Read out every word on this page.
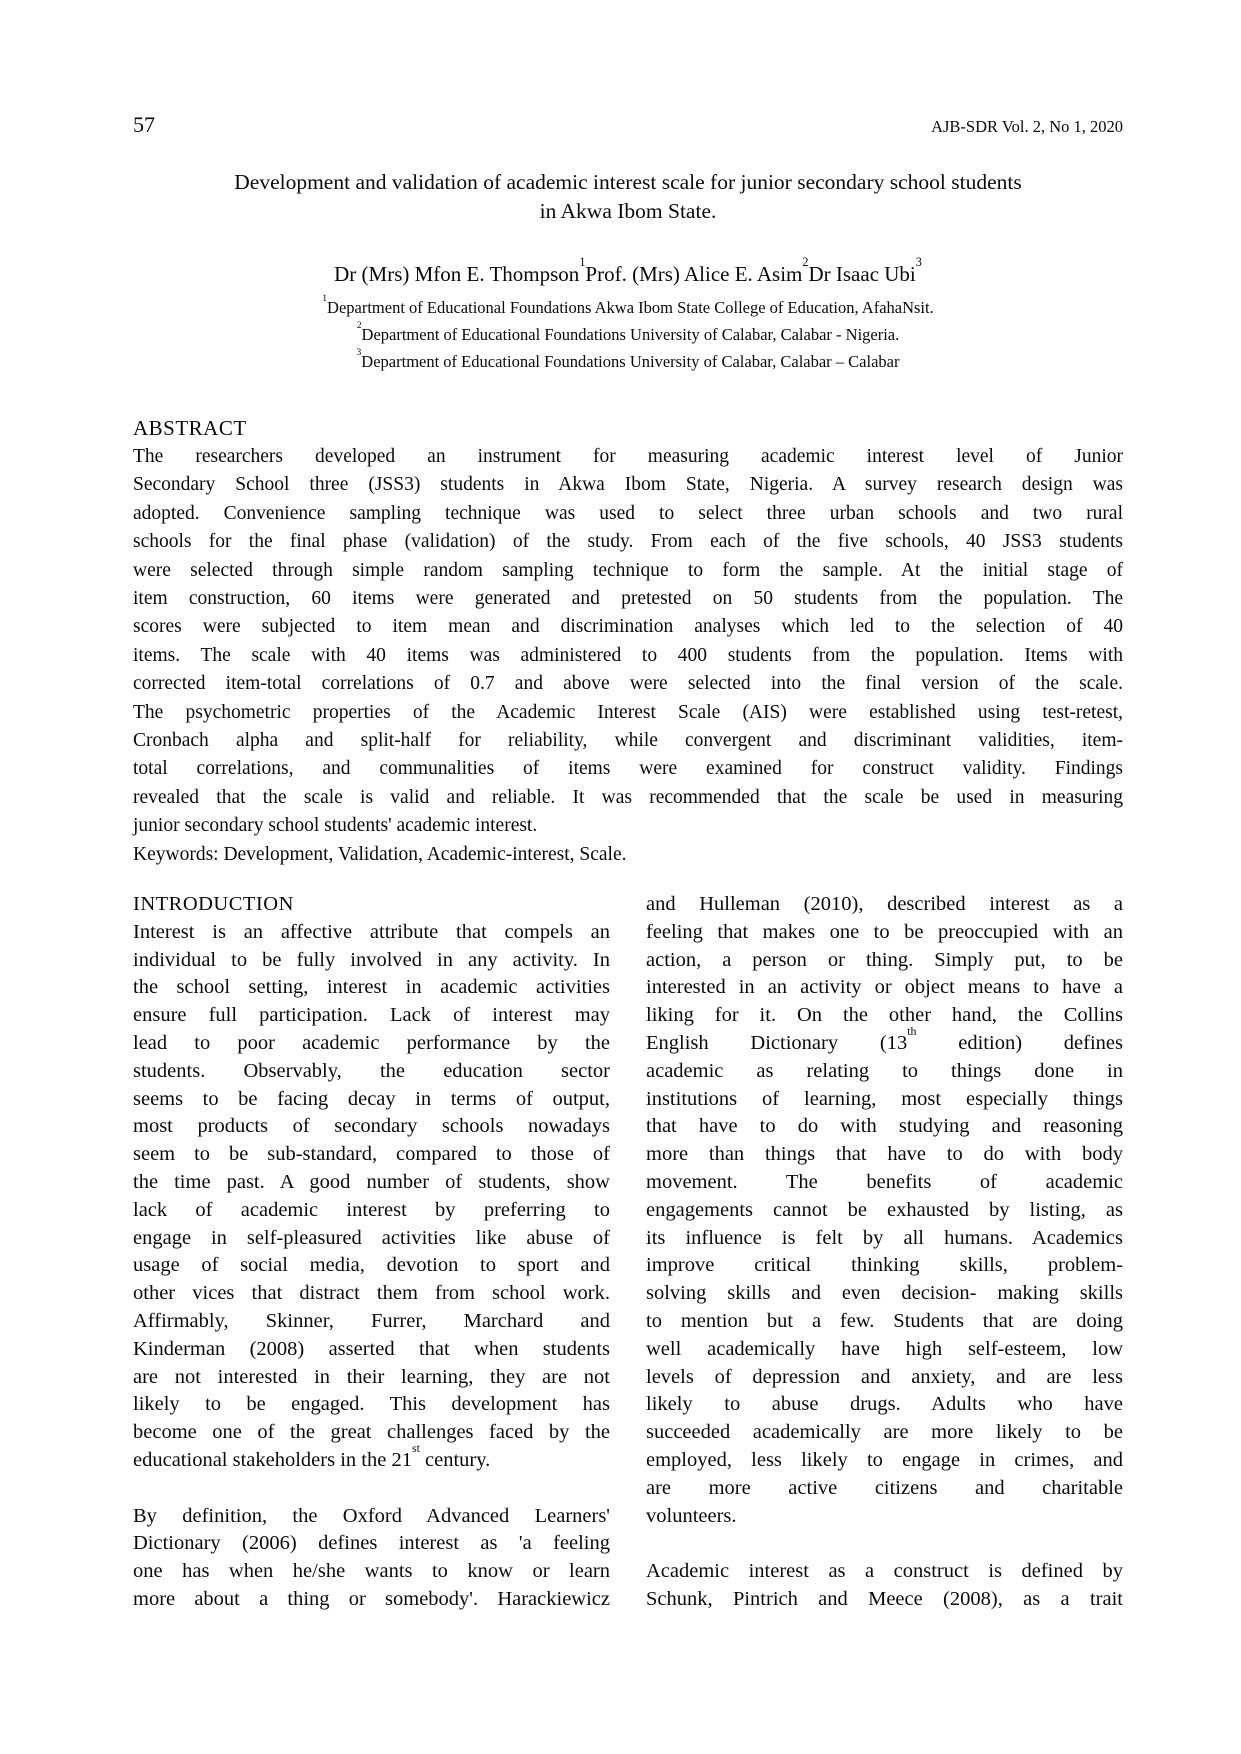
57	AJB-SDR Vol. 2, No 1, 2020
Development and validation of academic interest scale for junior secondary school students
in Akwa Ibom State.
Dr (Mrs) Mfon E. Thompson$^1$Prof. (Mrs) Alice E. Asim$^2$Dr Isaac Ubi$^3$
$^1$Department of Educational Foundations Akwa Ibom State College of Education, AfahaNsit.
$^2$Department of Educational Foundations University of Calabar, Calabar - Nigeria.
$^3$Department of Educational Foundations University of Calabar, Calabar – Calabar
ABSTRACT
The researchers developed an instrument for measuring academic interest level of Junior
Secondary School three (JSS3) students in Akwa Ibom State, Nigeria. A survey research design was
adopted. Convenience sampling technique was used to select three urban schools and two rural
schools for the final phase (validation) of the study. From each of the five schools, 40 JSS3 students
were selected through simple random sampling technique to form the sample. At the initial stage of
item construction, 60 items were generated and pretested on 50 students from the population. The
scores were subjected to item mean and discrimination analyses which led to the selection of 40
items. The scale with 40 items was administered to 400 students from the population. Items with
corrected item-total correlations of 0.7 and above were selected into the final version of the scale.
The psychometric properties of the Academic Interest Scale (AIS) were established using test-retest,
Cronbach alpha and split-half for reliability, while convergent and discriminant validities, item-
total correlations, and communalities of items were examined for construct validity. Findings
revealed that the scale is valid and reliable. It was recommended that the scale be used in measuring
junior secondary school students' academic interest.
Keywords: Development, Validation, Academic-interest, Scale.
INTRODUCTION
Interest is an affective attribute that compels an
individual to be fully involved in any activity. In
the school setting, interest in academic activities
ensure full participation. Lack of interest may
lead to poor academic performance by the
students. Observably, the education sector
seems to be facing decay in terms of output,
most products of secondary schools nowadays
seem to be sub-standard, compared to those of
the time past. A good number of students, show
lack of academic interest by preferring to
engage in self-pleasured activities like abuse of
usage of social media, devotion to sport and
other vices that distract them from school work.
Affirmably, Skinner, Furrer, Marchard and
Kinderman (2008) asserted that when students
are not interested in their learning, they are not
likely to be engaged. This development has
become one of the great challenges faced by the
educational stakeholders in the 21st century.
By definition, the Oxford Advanced Learners'
Dictionary (2006) defines interest as 'a feeling
one has when he/she wants to know or learn
more about a thing or somebody'. Harackiewicz
and Hulleman (2010), described interest as a
feeling that makes one to be preoccupied with an
action, a person or thing. Simply put, to be
interested in an activity or object means to have a
liking for it. On the other hand, the Collins
English Dictionary (13th edition) defines
academic as relating to things done in
institutions of learning, most especially things
that have to do with studying and reasoning
more than things that have to do with body
movement. The benefits of academic
engagements cannot be exhausted by listing, as
its influence is felt by all humans. Academics
improve critical thinking skills, problem-
solving skills and even decision- making skills
to mention but a few. Students that are doing
well academically have high self-esteem, low
levels of depression and anxiety, and are less
likely to abuse drugs. Adults who have
succeeded academically are more likely to be
employed, less likely to engage in crimes, and
are more active citizens and charitable
volunteers.
Academic interest as a construct is defined by
Schunk, Pintrich and Meece (2008), as a trait
